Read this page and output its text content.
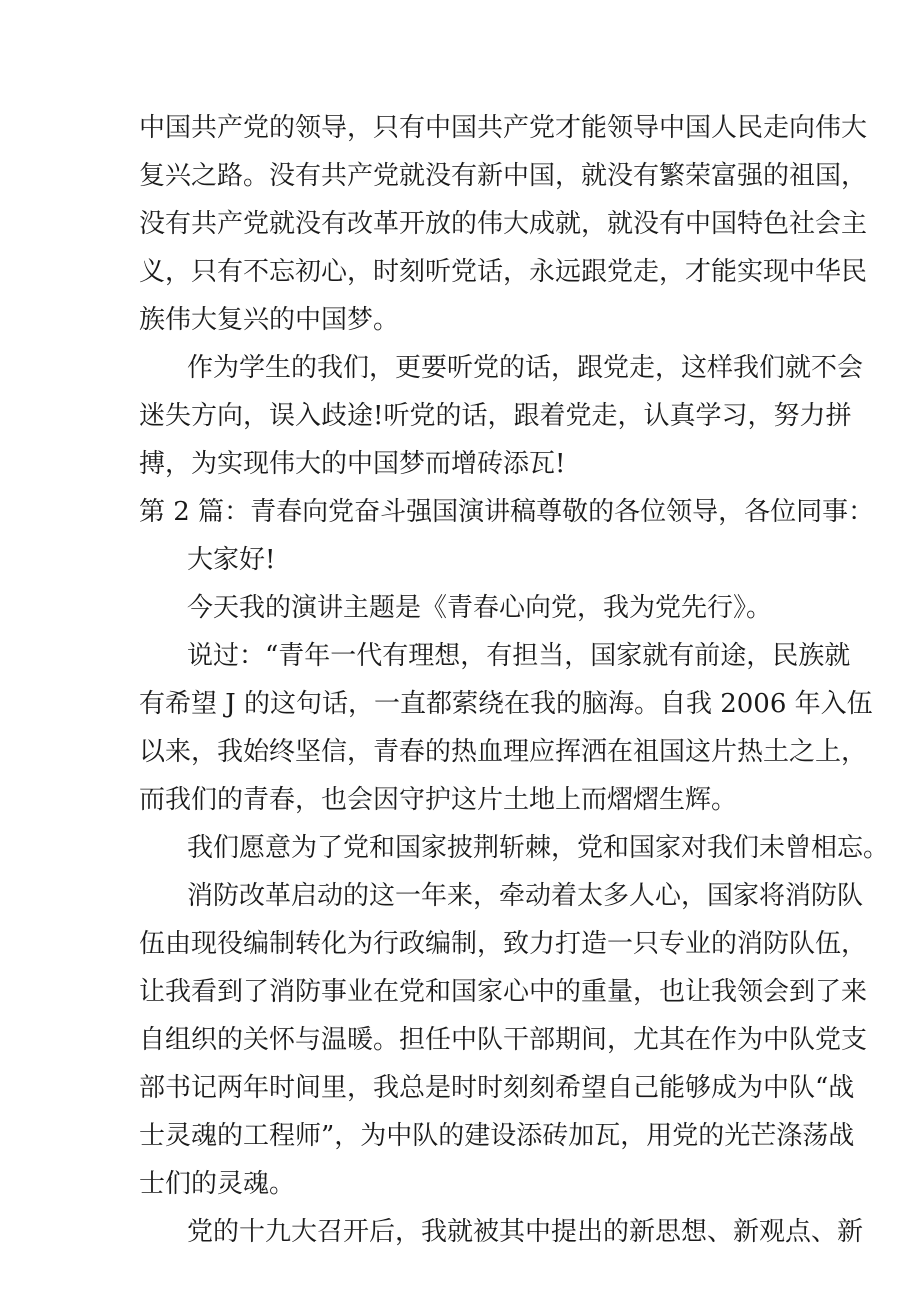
中国共产党的领导，只有中国共产党才能领导中国人民走向伟大
复兴之路。没有共产党就没有新中国，就没有繁荣富强的祖国，
没有共产党就没有改革开放的伟大成就，就没有中国特色社会主
义，只有不忘初心，时刻听党话，永远跟党走，才能实现中华民
族伟大复兴的中国梦。
作为学生的我们，更要听党的话，跟党走，这样我们就不会
迷失方向，误入歧途!听党的话，跟着党走，认真学习，努力拼
搏，为实现伟大的中国梦而增砖添瓦!
第 2 篇：青春向党奋斗强国演讲稿尊敬的各位领导，各位同事：
大家好!
今天我的演讲主题是《青春心向党，我为党先行》。
说过：“青年一代有理想，有担当，国家就有前途，民族就
有希望 J 的这句话，一直都萦绕在我的脑海。自我 2006 年入伍
以来，我始终坚信，青春的热血理应挥洒在祖国这片热土之上，
而我们的青春，也会因守护这片土地上而熠熠生辉。
我们愿意为了党和国家披荆斩棘，党和国家对我们未曾相忘。
消防改革启动的这一年来，牵动着太多人心，国家将消防队
伍由现役编制转化为行政编制，致力打造一只专业的消防队伍，
让我看到了消防事业在党和国家心中的重量，也让我领会到了来
自组织的关怀与温暖。担任中队干部期间，尤其在作为中队党支
部书记两年时间里，我总是时时刻刻希望自己能够成为中队“战
士灵魂的工程师”，为中队的建设添砖加瓦，用党的光芒涤荡战
士们的灵魂。
党的十九大召开后，我就被其中提出的新思想、新观点、新
